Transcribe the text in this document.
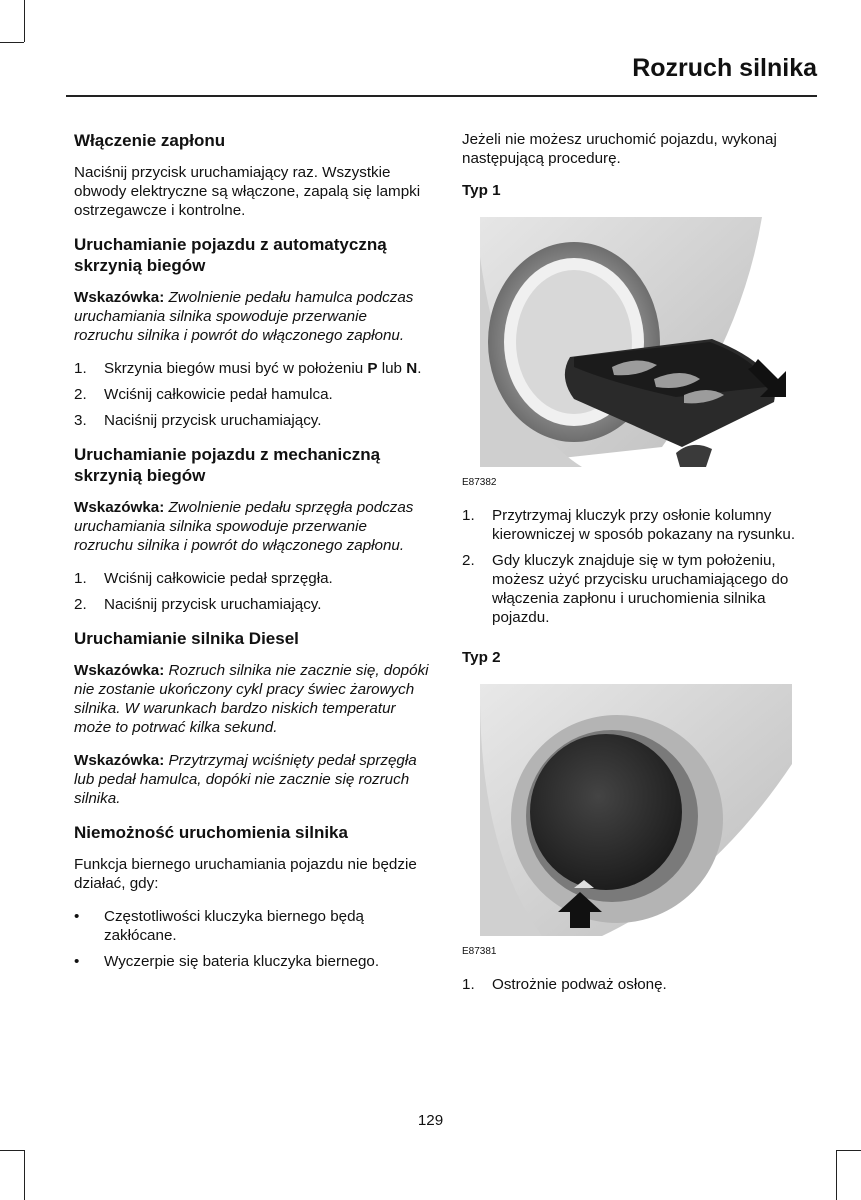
Rozruch silnika
Włączenie zapłonu

Naciśnij przycisk uruchamiający raz. Wszystkie obwody elektryczne są włączone, zapalą się lampki ostrzegawcze i kontrolne.

Uruchamianie pojazdu z automatyczną skrzynią biegów

Wskazówka: Zwolnienie pedału hamulca podczas uruchamiania silnika spowoduje przerwanie rozruchu silnika i powrót do włączonego zapłonu.

1. Skrzynia biegów musi być w położeniu P lub N.
2. Wciśnij całkowicie pedał hamulca.
3. Naciśnij przycisk uruchamiający.
Uruchamianie pojazdu z mechaniczną skrzynią biegów

Wskazówka: Zwolnienie pedału sprzęgła podczas uruchamiania silnika spowoduje przerwanie rozruchu silnika i powrót do włączonego zapłonu.

1. Wciśnij całkowicie pedał sprzęgła.
2. Naciśnij przycisk uruchamiający.
Uruchamianie silnika Diesel

Wskazówka: Rozruch silnika nie zacznie się, dopóki nie zostanie ukończony cykl pracy świec żarowych silnika. W warunkach bardzo niskich temperatur może to potrwać kilka sekund.

Wskazówka: Przytrzymaj wciśnięty pedał sprzęgła lub pedał hamulca, dopóki nie zacznie się rozruch silnika.

Niemożność uruchomienia silnika

Funkcja biernego uruchamiania pojazdu nie będzie działać, gdy:

• Częstotliwości kluczyka biernego będą zakłócane.
• Wyczerpie się bateria kluczyka biernego.

Jeżeli nie możesz uruchomić pojazdu, wykonaj następującą procedurę.

Typ 1
E87382
1. Przytrzymaj kluczyk przy osłonie kolumny kierowniczej w sposób pokazany na rysunku.
2. Gdy kluczyk znajduje się w tym położeniu, możesz użyć przycisku uruchamiającego do włączenia zapłonu i uruchomienia silnika pojazdu.
Typ 2
E87381
1. Ostrożnie podważ osłonę.
129
